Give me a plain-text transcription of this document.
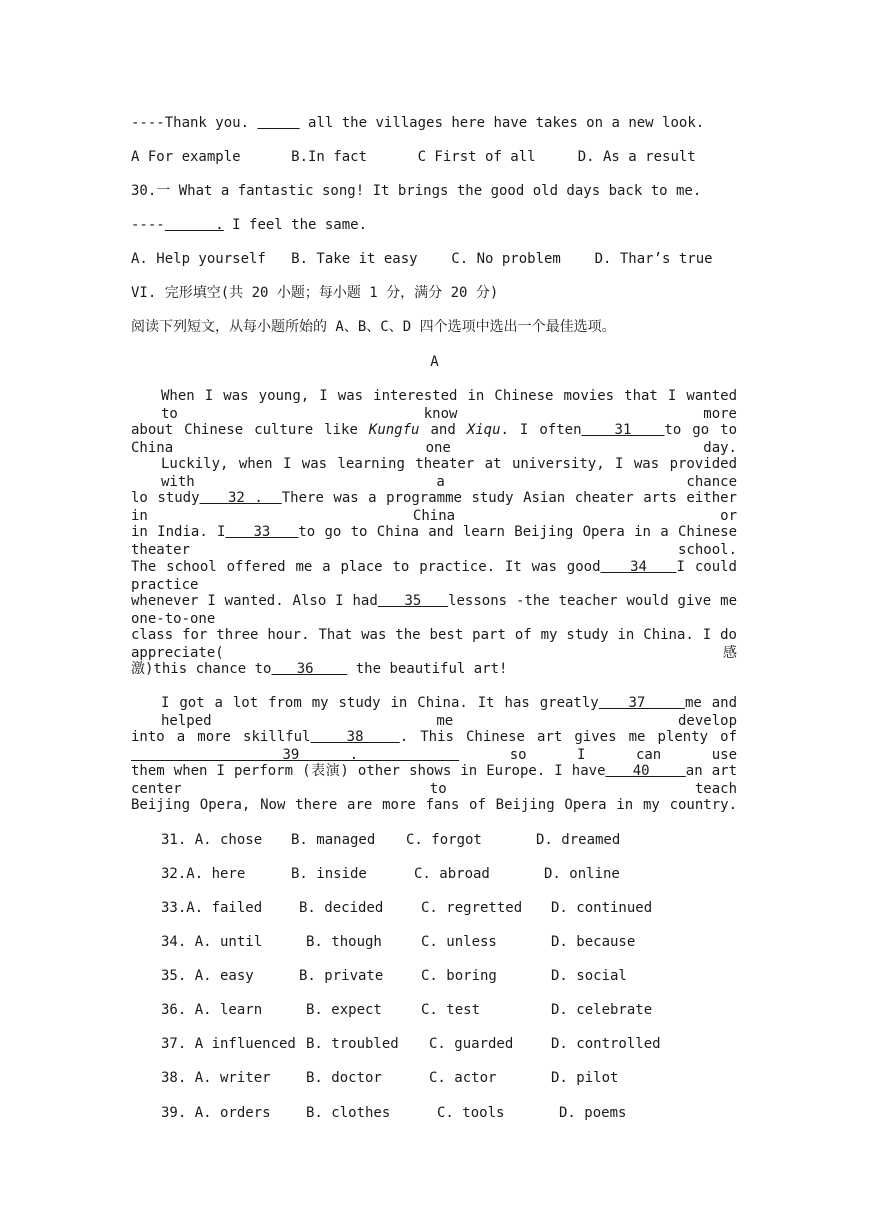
----Thank you.	all the villages here have takes on a new look.
A For example      B.In fact      C First of all     D. As a result
30.一 What a fantastic song! It brings the good old days back to me.
----      . I feel the same.
A. Help yourself   B. Take it easy    C. No problem    D. Thar’s true
VI. 完形填空(共 20 小题；每小题 1 分，满分 20 分)
阅读下列短文，从每小题所始的 A、B、C、D 四个选项中选出一个最佳选项。
A
When I was young, I was interested in Chinese movies that I wanted to know more
about Chinese culture like Kungfu and Xiqu. I often   31   to go to China one day.
Luckily, when I was learning theater at university, I was provided with a chance
lo study   32 .  There was a programme study Asian cheater arts either in China or
in India. I   33   to go to China and learn Beijing Opera in a Chinese theater school.
The school offered me a place to practice. It was good   34   I could practice
whenever I wanted. Also I had   35   lessons -the teacher would give me one-to-one
class for three hour. That was the best part of my study in China. I do appreciate(感
激)this chance to   36     the beautiful art!
I got a lot from my study in China. It has greatly   37    me and helped me develop
into a more skillful   38   . This Chinese art gives me plenty of   39 .   so I can use
them when I perform (表演) other shows in Europe. I have   40    an art center to teach
Beijing Opera, Now there are more fans of Beijing Opera in my country.
31. A. chose B. managed C. forgot	D. dreamed
32.A. here	B. inside	C. abroad	D. online
33.A. failed	B. decided	C. regretted D. continued
34. A. until	B. though	C. unless	D. because
35. A. easy	B. private	C. boring	D. social
36. A. learn	B. expect	C. test	D. celebrate
37. A influenced B. troubled C. guarded	D. controlled
38. A. writer	B. doctor	C. actor	D. pilot
39. A. orders	B. clothes	C. tools	D. poems
